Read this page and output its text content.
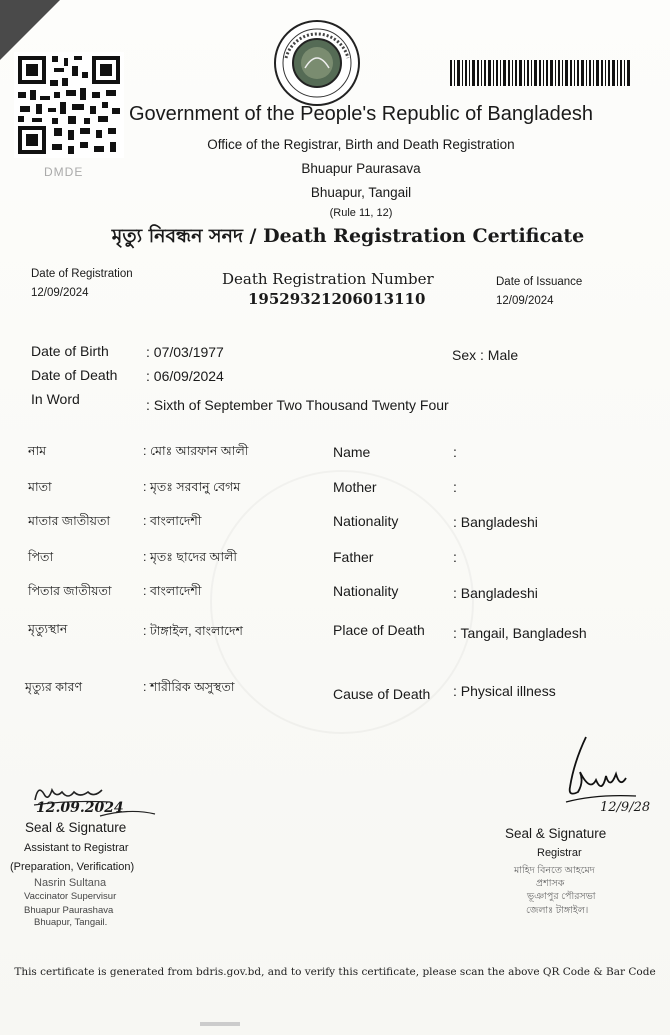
DMDE
Government of the People's Republic of Bangladesh
Office of the Registrar, Birth and Death Registration
Bhuapur Paurasava
Bhuapur, Tangail
(Rule 11, 12)
মৃত্যু নিবন্ধন সনদ / Death Registration Certificate
Date of Registration
12/09/2024
Death Registration Number
19529321206013110
Date of Issuance
12/09/2024
Date of Birth	: 07/03/1977	Sex : Male
Date of Death : 06/09/2024
In Word	: Sixth of September Two Thousand Twenty Four
নাম	: মোঃ আরফান আলী	Name	:
মাতা	: মৃতঃ সরবানু বেগম	Mother	:
মাতার জাতীয়তা	: বাংলাদেশী	Nationality	: Bangladeshi
পিতা	: মৃতঃ ছাদের আলী	Father	:
পিতার জাতীয়তা	: বাংলাদেশী	Nationality	: Bangladeshi
মৃত্যুস্থান	: টাঙ্গাইল, বাংলাদেশ	Place of Death : Tangail, Bangladesh
মৃত্যুর কারণ	: শারীরিক অসুস্থতা	Cause of Death : Physical illness
12.09.2024
Seal & Signature
Assistant to Registrar
(Preparation, Verification)
Nasrin Sultana
Vaccinator Supervisur
Bhuapur Paurashava
Bhuapur, Tangail.
12/9/28
Seal & Signature
Registrar
মাহিদ বিনতে আহমেদ
প্রশাসক
ভূঞাপুর পৌরসভা
জেলাঃ টাঙ্গাইল।
This certificate is generated from bdris.gov.bd, and to verify this certificate, please scan the above QR Code & Bar Code
